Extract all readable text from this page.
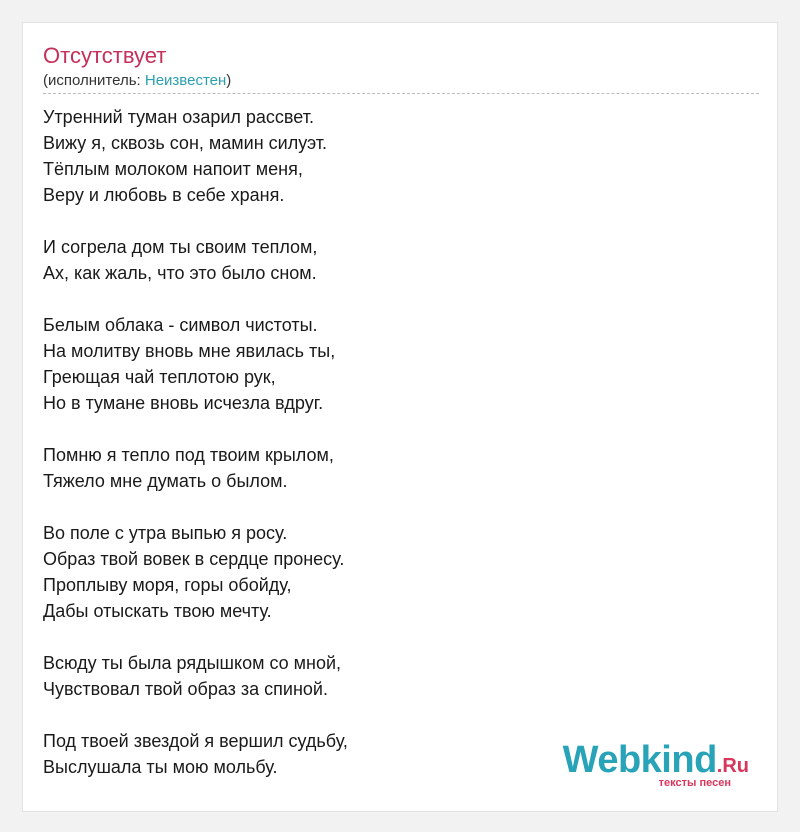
Отсутствует
(исполнитель: Неизвестен)
Утренний туман озарил рассвет.
Вижу я, сквозь сон, мамин силуэт.
Тёплым молоком напоит меня,
Веру и любовь в себе храня.
И согрела дом ты своим теплом,
Ах, как жаль, что это было сном.
Белым облака - символ чистоты.
На молитву вновь мне явилась ты,
Греющая чай теплотою рук,
Но в тумане вновь исчезла вдруг.
Помню я тепло под твоим крылом,
Тяжело мне думать о былом.
Во поле с утра выпью я росу.
Образ твой вовек в сердце пронесу.
Проплыву моря, горы обойду,
Дабы отыскать твою мечту.
Всюду ты была рядышком со мной,
Чувствовал твой образ за спиной.
Под твоей звездой я вершил судьбу,
Выслушала ты мою мольбу.	Webkind.Ru
тексты песен
